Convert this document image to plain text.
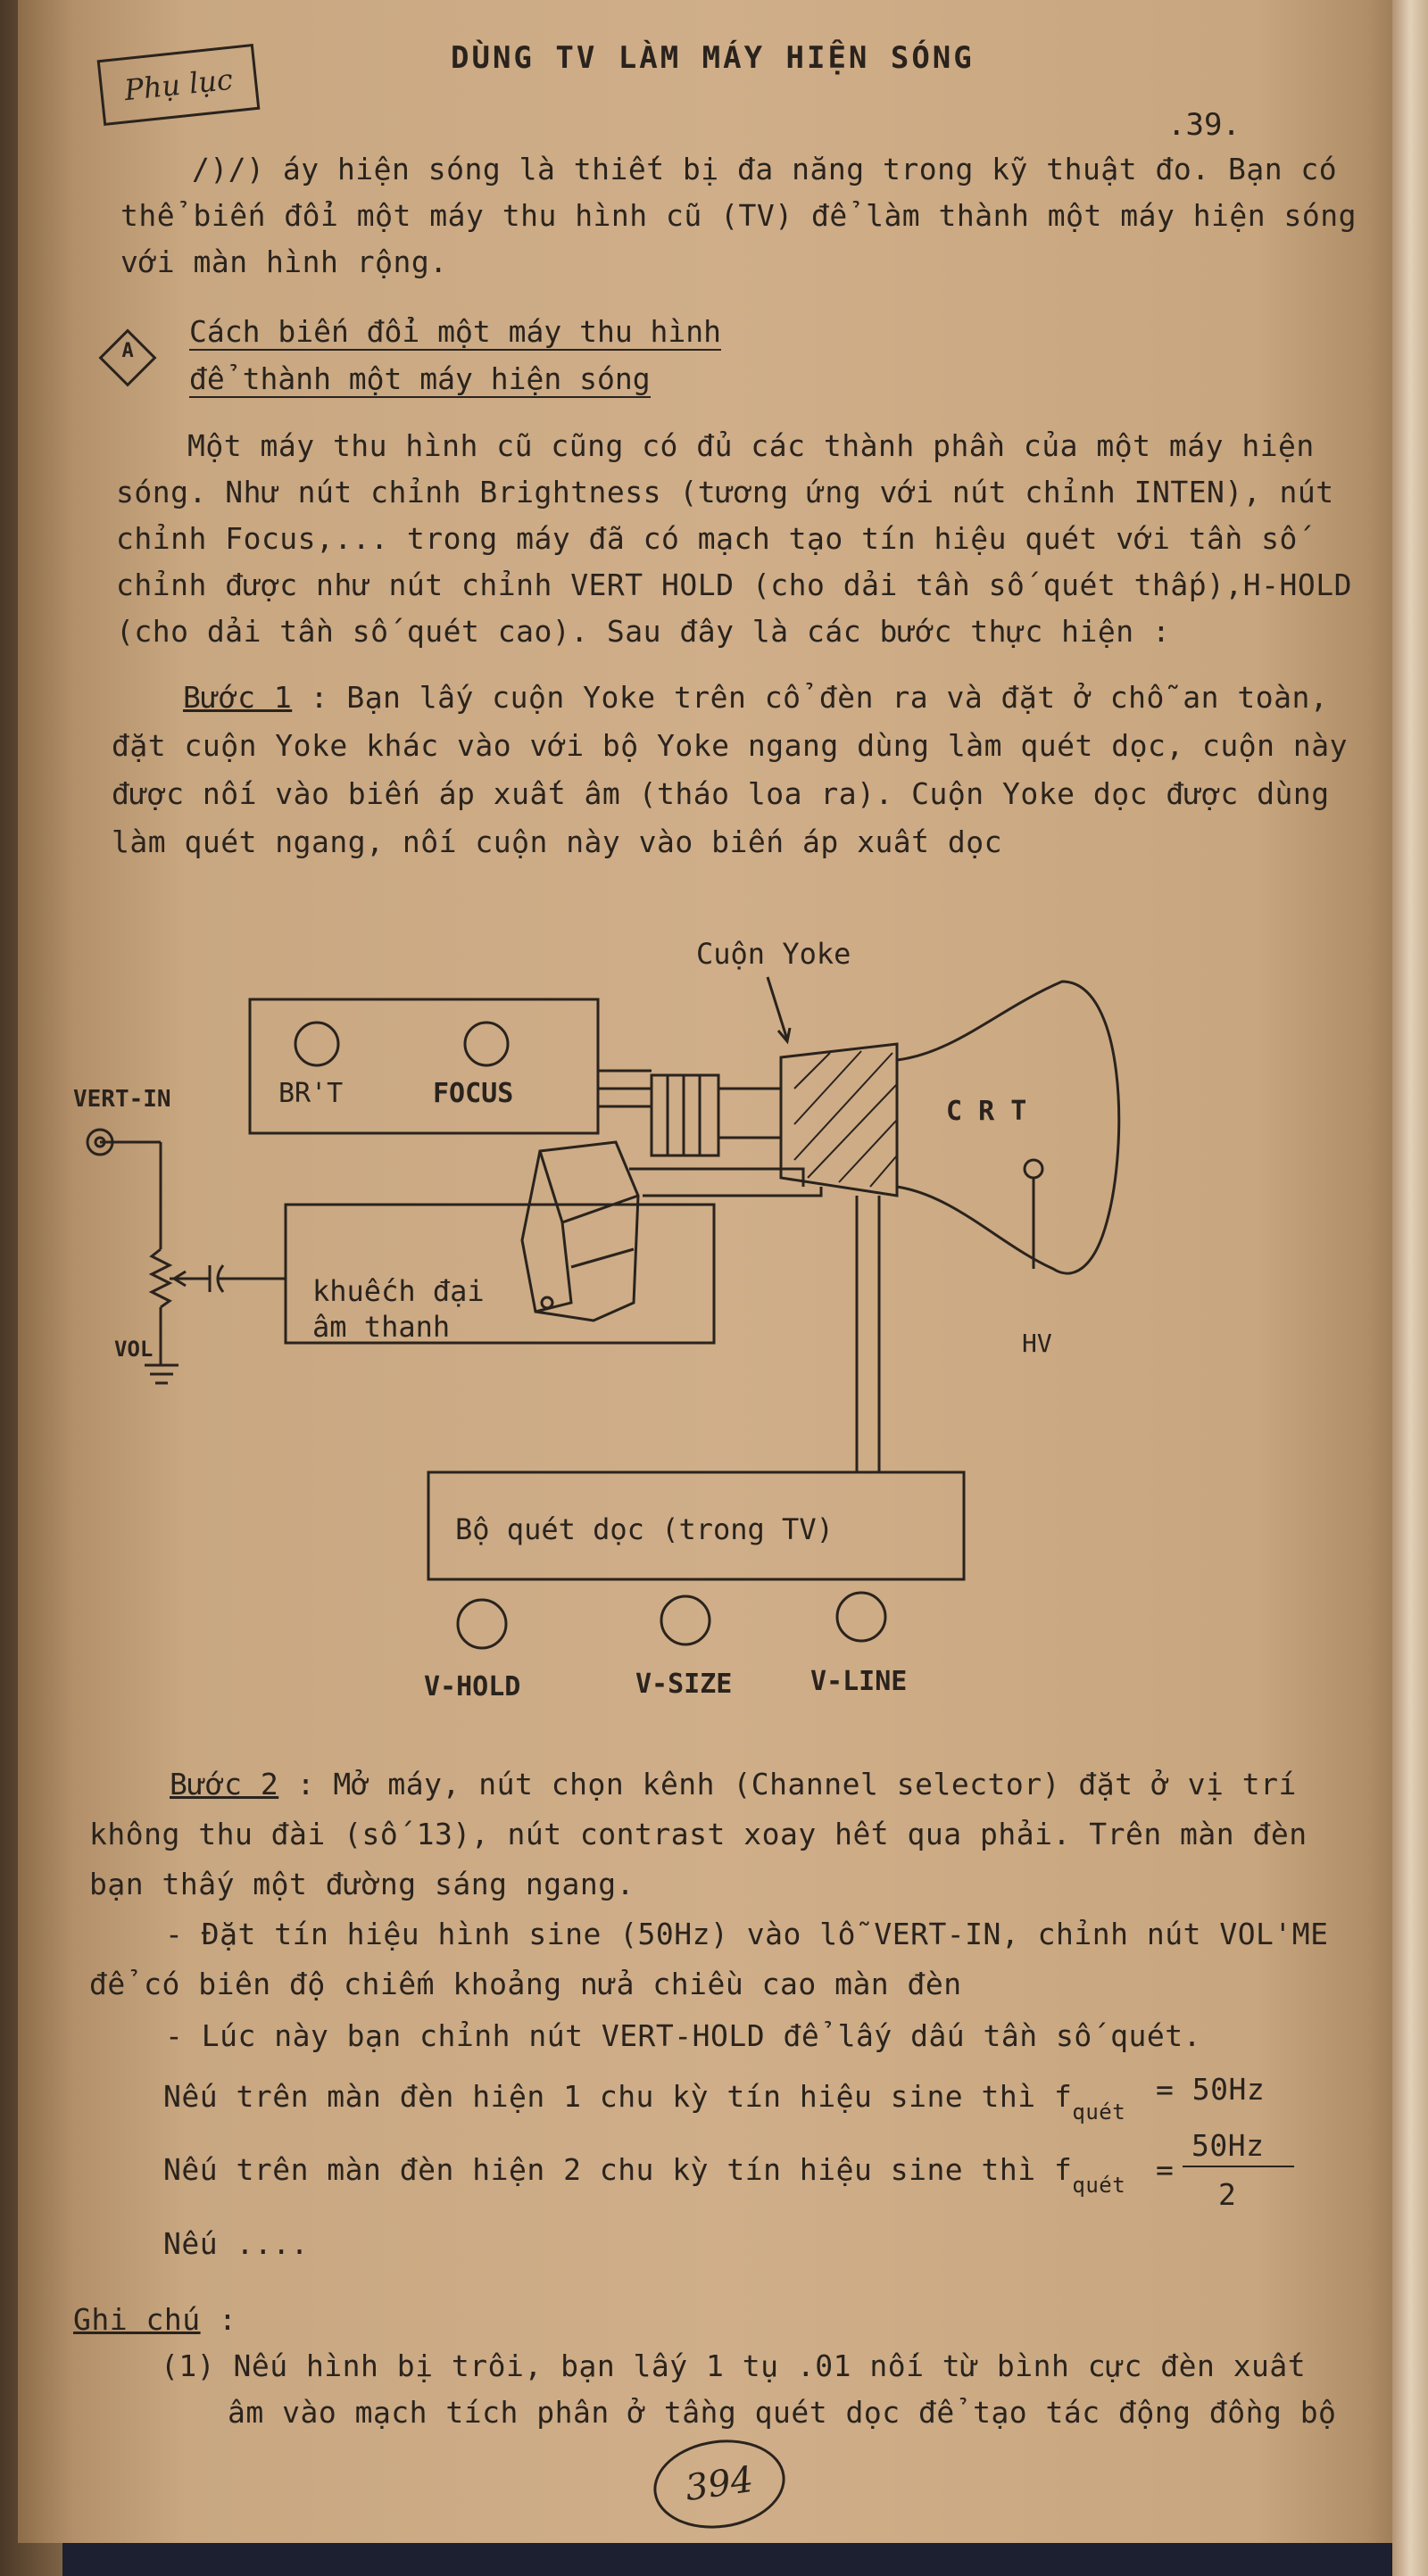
Phụ lục
DÙNG TV LÀM MÁY HIỆN SÓNG
.39.
/)/) áy hiện sóng là thiết bị đa năng trong kỹ thuật đo. Bạn có
thể biến đổi một máy thu hình cũ (TV) để làm thành một máy hiện sóng
với màn hình rộng.
A
Cách biến đổi một máy thu hình
để thành một máy hiện sóng
Một máy thu hình cũ cũng có đủ các thành phần của một máy hiện
sóng. Như nút chỉnh Brightness (tương ứng với nút chỉnh INTEN), nút
chỉnh Focus,... trong máy đã có mạch tạo tín hiệu quét với tần số
chỉnh được như nút chỉnh VERT HOLD (cho dải tần số quét thấp),H-HOLD
(cho dải tần số quét cao). Sau đây là các bước thực hiện :
Bước 1 : Bạn lấy cuộn Yoke trên cổ đèn ra và đặt ở chỗ an toàn,
đặt cuộn Yoke khác vào với bộ Yoke ngang dùng làm quét dọc, cuộn này
được nối vào biến áp xuất âm (tháo loa ra). Cuộn Yoke dọc được dùng
làm quét ngang, nối cuộn này vào biến áp xuất dọc
Cuộn Yoke
BR'T	FOCUS
C R T
VERT-IN
VOL
khuếch đại
âm thanh	HV
Bộ quét dọc (trong TV)
V-HOLD	V-SIZE	V-LINE
Bước 2 : Mở máy, nút chọn kênh (Channel selector) đặt ở vị trí
không thu đài (số 13), nút contrast xoay hết qua phải. Trên màn đèn
bạn thấy một đường sáng ngang.
- Đặt tín hiệu hình sine (50Hz) vào lỗ VERT-IN, chỉnh nút VOL'ME
để có biên độ chiếm khoảng nửa chiều cao màn đèn
- Lúc này bạn chỉnh nút VERT-HOLD để lấy dấu tần số quét.
Nếu trên màn đèn hiện 1 chu kỳ tín hiệu sine thì $f_{quét}$
= 50Hz
Nếu trên màn đèn hiện 2 chu kỳ tín hiệu sine thì $f_{quét}$ =
50Hz
2
Nếu ....
Ghi chú :
(1) Nếu hình bị trôi, bạn lấy 1 tụ .01 nối từ bình cực đèn xuất
âm vào mạch tích phân ở tầng quét dọc để tạo tác động đồng bộ
394
